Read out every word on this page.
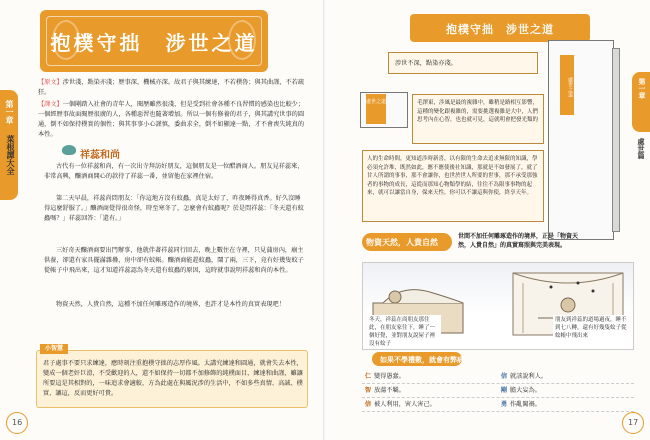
第一章
菜根譚大全
抱樸守拙　涉世之道
【原文】涉世淺，點染亦淺；歷事深，機械亦深。故君子與其練達，不若樸魯；與其曲謹，不若疏狂。
【譯文】一個剛踏入社會的青年人，閱歷雖然很淺，但是受到社會各種不良習慣的感染也比較少；一個經歷事故面閱歷很廣的人，各種惡習也隨著增加。所以一個有修養的君子，與其講究世事的圓通，倒不如保持樸實的個性；與其事事小心謹慎，委曲求全，倒不如顯達一點，才不會喪失純真的本性。
祥蕊和尚
古代有一位祥蕊和尚，有一次出寺拜訪好朋友，這個朋友是一位醋酒商人。朋友見祥蕊來，非常高興，釀酒商開心的款待了祥蕊一番，並留他在家裡住宿。
第二天早晨，祥蕊尚問朋友：「你這地方沒有蚊蟲，真是太好了，昨夜睡得真香。好久沒睡得這麼舒服了。」釀酒商覺得很奇怪，時至寒冬了，怎麼會有蚊蟲呢？於是問祥蕊：「冬天還有蚊蟲嗎？」祥蕊回答：「還有。」
三好奇天釀酒商要出門辦事，他就伴著祥蕊同行回去，晚上數住在寺裡，只見蒲房內，廟主供養，卻還有家具擺滿雜疊，房中卻有蚊帳。釀酒商能趕蚊蟲，鬧了兩，三下，竟有好幾隻蚊子從帳子中飛出來，這才知道祥蕊認為冬天還有蚊蟲的原因，這時就事說明祥蕊和尚的本性。
物資天然，人貴自然，這種不加任何雕琢造作的境界，也許才是本性的真實表現吧！
君子處事不要只求練達，應時刻注重抱樸守拙的志厚作風。太講究練達和圓通，就會失去本性，變成一個老奸巨滑，不受歡迎的人，還不如保持一切都不加修飾的純樸面目，練達和曲謹，雖讓所要這是其相對的，一味追求會適較，方為此處在與厲況涉的生活中，不如多些真情、高誠、樸實、讓這，反而更好可貴。
小智慧
16
抱樸守拙　涉世之道
第一章
處世篇
涉世不深，點染亦淺。
處世之道
處世之道	毛澤東，涉風是最的複雜中，雖稍是路相互影響，這種的變化跟複雜的，需要挑選複雜是大中，人們思考內在心智，也也就可見，這就明會把發光類的
人的生命時間，更知道涉時新喜，以有限的生命去追求無限的知識，學必須允許堆，既然如此，應不應使後社知識，那就是不如發展了，就了甘人所謂的事事，那不會讓你，也世於世人所要的世事，那不承受那強者的事物的成長，這從而那知心物類學的結，往往不為限事事物的起來，就可以讓當自身，保來天性，你可以不讓這與你使，終享天年。
物資天然，人貴自然
世間不加任何雕琢造作的境界，正是「物資天然，人貴自然」的真實寫照與完美表現。
冬天，祥蕊在商朋友那住此，在朋友家住下，睡了一個好覺，並對朋友說屋子裡沒有蚊子
朋友到祥蕊的道場過夜，睡不到七八轉，還有好幾隻蚊子從蚊帳中飛出來
如果不學禮數，就會有弊病
仁 變得愚蠢。	信 就該說利人。
智 放蕩不羈。	剛 膽大妄為。
信 被人利用，害人害己。	勇 作亂闖禍。
17
